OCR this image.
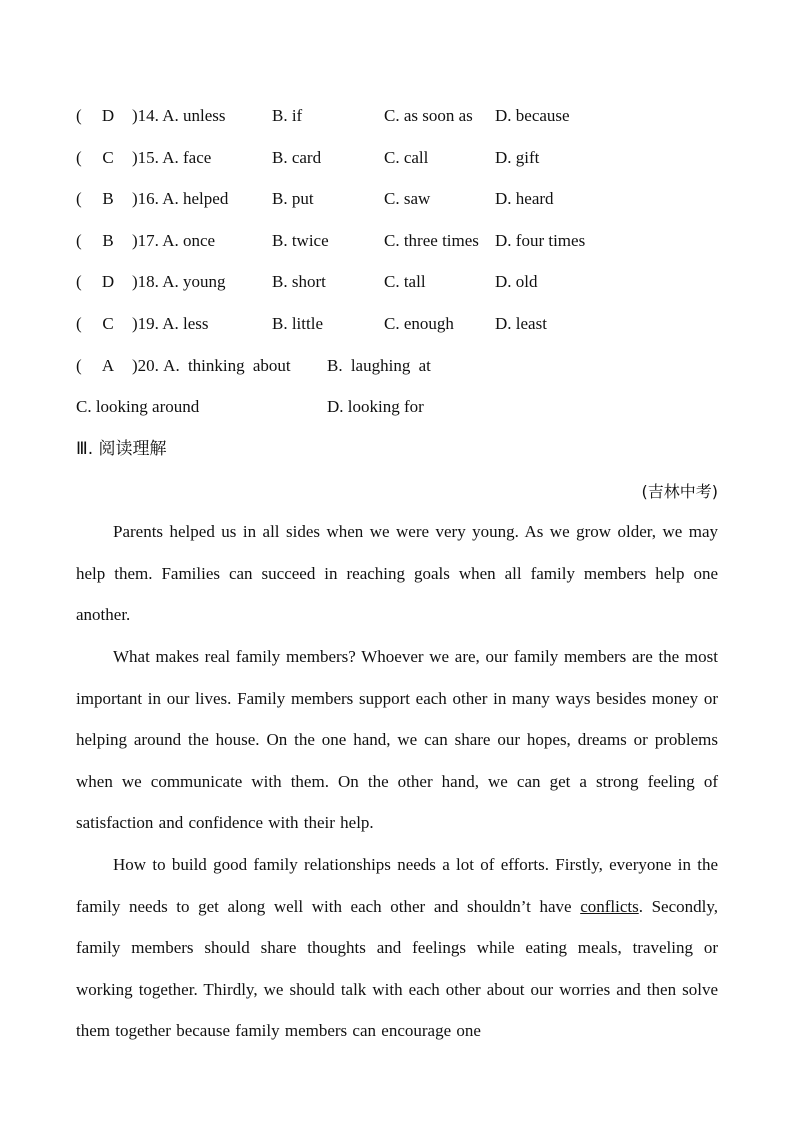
( D )14. A. unless	B. if	C. as soon as D. because
( C )15. A. face	B. card	C. call	D. gift
( B )16. A. helped	B. put	C. saw	D. heard
( B )17. A. once	B. twice	C. three times D. four times
( D )18. A. young	B. short	C. tall	D. old
( C )19. A. less	B. little	C. enough D. least
( A )20. A. thinking about B. laughing at
C. looking around	D. looking for
Ⅲ. 阅读理解
(吉林中考)
Parents helped us in all sides when we were very young. As we grow older, we may help them. Families can succeed in reaching goals when all family members help one another.
What makes real family members? Whoever we are, our family members are the most important in our lives. Family members support each other in many ways besides money or helping around the house. On the one hand, we can share our hopes, dreams or problems when we communicate with them. On the other hand, we can get a strong feeling of satisfaction and confidence with their help.
How to build good family relationships needs a lot of efforts. Firstly, everyone in the family needs to get along well with each other and shouldn’t have conflicts. Secondly, family members should share thoughts and feelings while eating meals, traveling or working together. Thirdly, we should talk with each other about our worries and then solve them together because family members can encourage one
